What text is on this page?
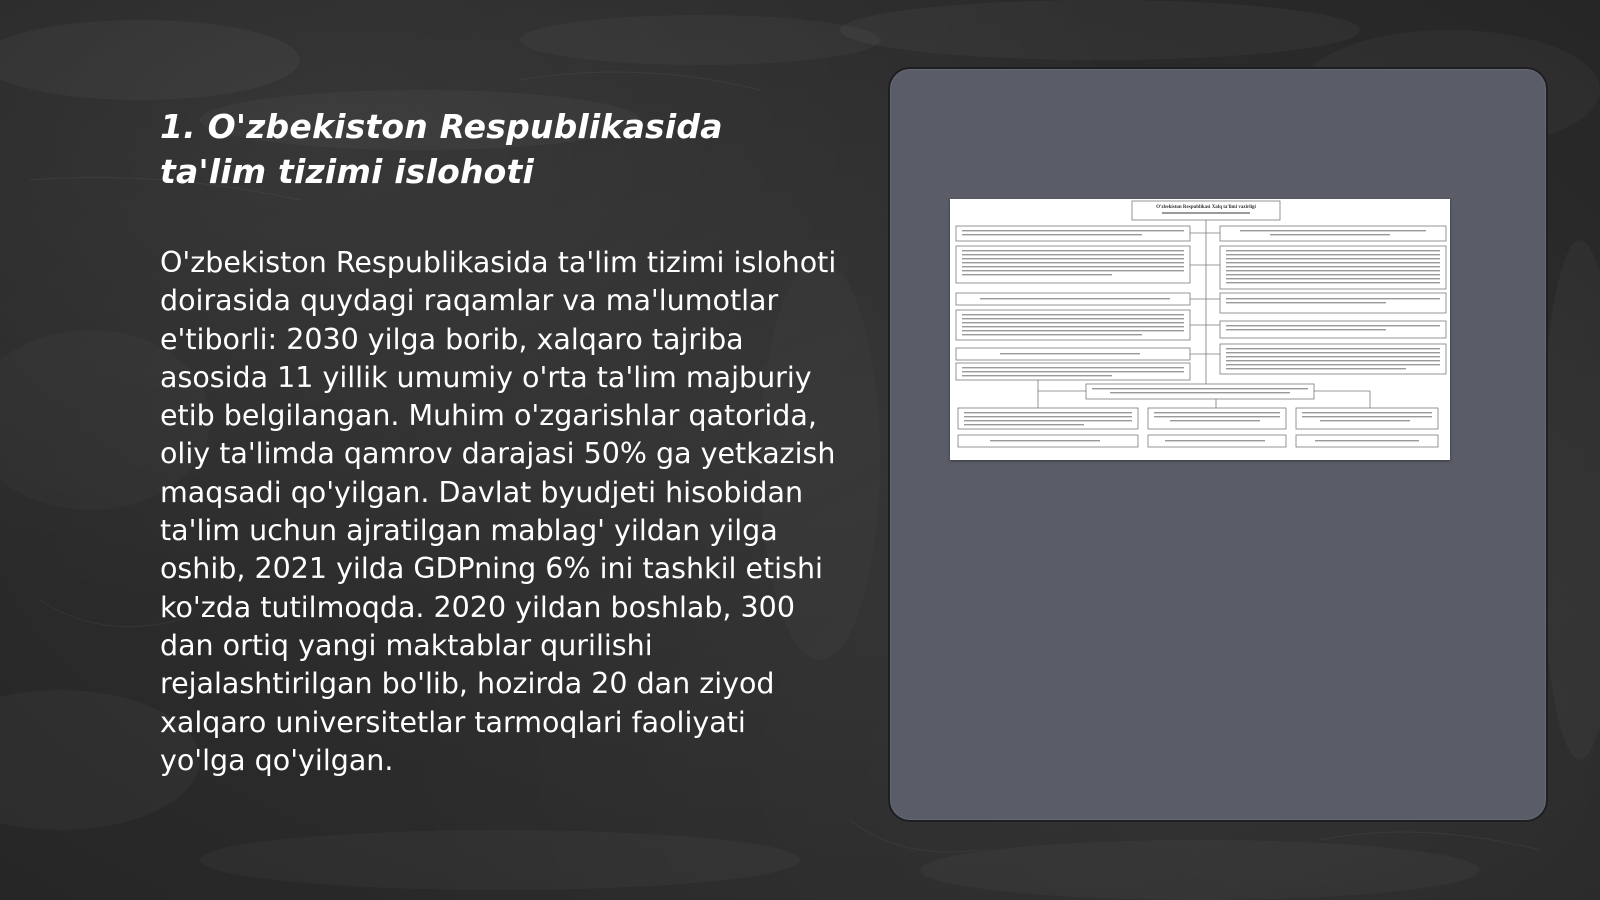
1. O'zbekiston Respublikasida ta'lim tizimi islohoti

O'zbekiston Respublikasida ta'lim tizimi islohoti doirasida quydagi raqamlar va ma'lumotlar e'tiborli: 2030 yilga borib, xalqaro tajriba asosida 11 yillik umumiy o'rta ta'lim majburiy etib belgilangan. Muhim o'zgarishlar qatorida, oliy ta'limda qamrov darajasi 50% ga yetkazish maqsadi qo'yilgan. Davlat byudjeti hisobidan ta'lim uchun ajratilgan mablag' yildan yilga oshib, 2021 yilda GDPning 6% ini tashkil etishi ko'zda tutilmoqda. 2020 yildan boshlab, 300 dan ortiq yangi maktablar qurilishi rejalashtirilgan bo'lib, hozirda 20 dan ziyod xalqaro universitetlar tarmoqlari faoliyati yo'lga qo'yilgan.

O'zbekiston Respublikasi Xalq ta'limi vazirligi
